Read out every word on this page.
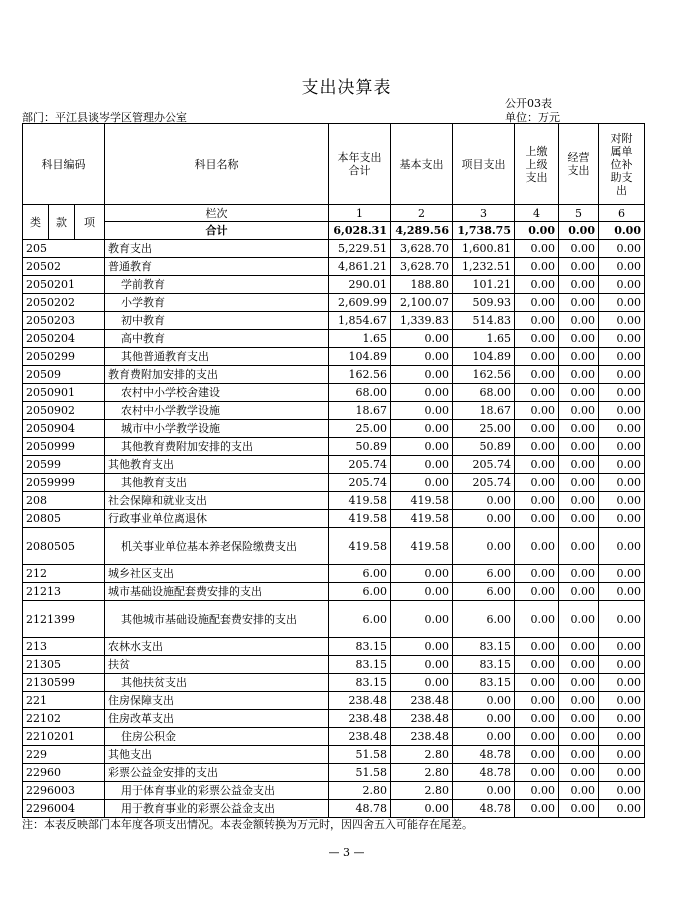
支出决算表
公开03表
部门：平江县谈岑学区管理办公室	单位：万元
科目编码			科目名称	本年支出合计	基本支出	项目支出	上缴上级支出	经营支出	对附属单位补助支出
类	款	项	栏次	1	2	3	4	5	6
			合计	6,028.31	4,289.56	1,738.75	0.00	0.00	0.00
205			教育支出	5,229.51	3,628.70	1,600.81	0.00	0.00	0.00
20502			普通教育	4,861.21	3,628.70	1,232.51	0.00	0.00	0.00
2050201			学前教育	290.01	188.80	101.21	0.00	0.00	0.00
2050202			小学教育	2,609.99	2,100.07	509.93	0.00	0.00	0.00
2050203			初中教育	1,854.67	1,339.83	514.83	0.00	0.00	0.00
2050204			高中教育	1.65	0.00	1.65	0.00	0.00	0.00
2050299			其他普通教育支出	104.89	0.00	104.89	0.00	0.00	0.00
20509			教育费附加安排的支出	162.56	0.00	162.56	0.00	0.00	0.00
2050901			农村中小学校舍建设	68.00	0.00	68.00	0.00	0.00	0.00
2050902			农村中小学教学设施	18.67	0.00	18.67	0.00	0.00	0.00
2050904			城市中小学教学设施	25.00	0.00	25.00	0.00	0.00	0.00
2050999			其他教育费附加安排的支出	50.89	0.00	50.89	0.00	0.00	0.00
20599			其他教育支出	205.74	0.00	205.74	0.00	0.00	0.00
2059999			其他教育支出	205.74	0.00	205.74	0.00	0.00	0.00
208			社会保障和就业支出	419.58	419.58	0.00	0.00	0.00	0.00
20805			行政事业单位离退休	419.58	419.58	0.00	0.00	0.00	0.00
2080505			机关事业单位基本养老保险缴费支出	419.58	419.58	0.00	0.00	0.00	0.00
212			城乡社区支出	6.00	0.00	6.00	0.00	0.00	0.00
21213			城市基础设施配套费安排的支出	6.00	0.00	6.00	0.00	0.00	0.00
2121399			其他城市基础设施配套费安排的支出	6.00	0.00	6.00	0.00	0.00	0.00
213			农林水支出	83.15	0.00	83.15	0.00	0.00	0.00
21305			扶贫	83.15	0.00	83.15	0.00	0.00	0.00
2130599			其他扶贫支出	83.15	0.00	83.15	0.00	0.00	0.00
221			住房保障支出	238.48	238.48	0.00	0.00	0.00	0.00
22102			住房改革支出	238.48	238.48	0.00	0.00	0.00	0.00
2210201			住房公积金	238.48	238.48	0.00	0.00	0.00	0.00
229			其他支出	51.58	2.80	48.78	0.00	0.00	0.00
22960			彩票公益金安排的支出	51.58	2.80	48.78	0.00	0.00	0.00
2296003			用于体育事业的彩票公益金支出	2.80	2.80	0.00	0.00	0.00	0.00
2296004			用于教育事业的彩票公益金支出	48.78	0.00	48.78	0.00	0.00	0.00
注：本表反映部门本年度各项支出情况。本表金额转换为万元时，因四舍五入可能存在尾差。
— 3 —
